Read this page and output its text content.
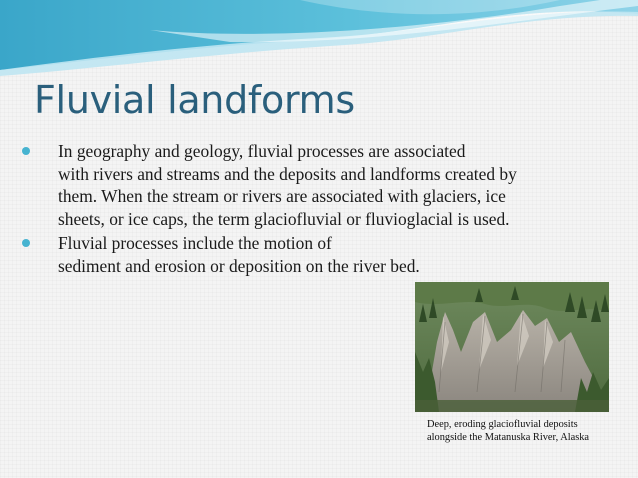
Fluvial landforms
In geography and geology, fluvial processes are associated
with rivers and streams and the deposits and landforms created by
them. When the stream or rivers are associated with glaciers, ice
sheets, or ice caps, the term glaciofluvial or fluvioglacial is used.
Fluvial processes include the motion of
sediment and erosion or deposition on the river bed.

Deep, eroding glaciofluvial deposits
alongside the Matanuska River, Alaska
